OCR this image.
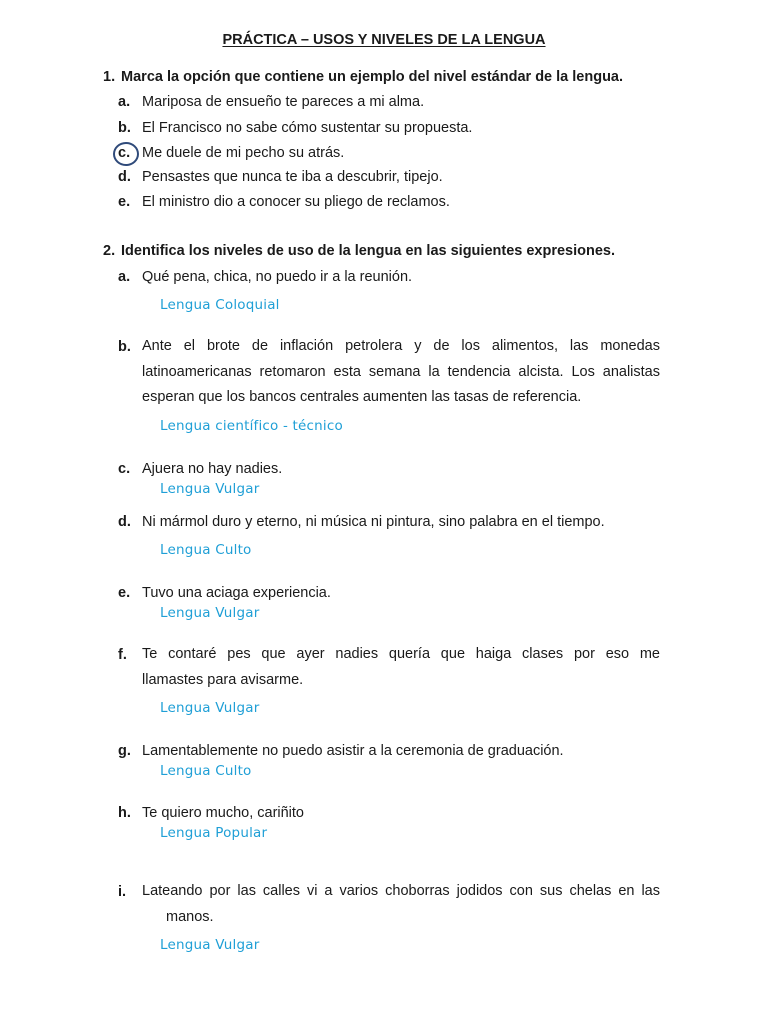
PRÁCTICA – USOS Y NIVELES DE LA LENGUA
1. Marca la opción que contiene un ejemplo del nivel estándar de la lengua.
a. Mariposa de ensueño te pareces a mi alma.
b. El Francisco no sabe cómo sustentar su propuesta.
c. Me duele de mi pecho su atrás.
d. Pensastes que nunca te iba a descubrir, tipejo.
e. El ministro dio a conocer su pliego de reclamos.
2. Identifica los niveles de uso de la lengua en las siguientes expresiones.
a. Qué pena, chica, no puedo ir a la reunión.
Lengua Coloquial
b. Ante el brote de inflación petrolera y de los alimentos, las monedas
latinoamericanas retomaron esta semana la tendencia alcista. Los analistas
esperan que los bancos centrales aumenten las tasas de referencia.
Lengua científico - técnico
c. Ajuera no hay nadies.
Lengua Vulgar
d. Ni mármol duro y eterno, ni música ni pintura, sino palabra en el tiempo.
Lengua Culto
e. Tuvo una aciaga experiencia.
Lengua Vulgar
f. Te contaré pes que ayer nadies quería que haiga clases por eso me
llamastes para avisarme.
Lengua Vulgar
g. Lamentablemente no puedo asistir a la ceremonia de graduación.
Lengua Culto
h. Te quiero mucho, cariñito
Lengua Popular
i. Lateando por las calles vi a varios choborras jodidos con sus chelas en las
manos.
Lengua Vulgar
